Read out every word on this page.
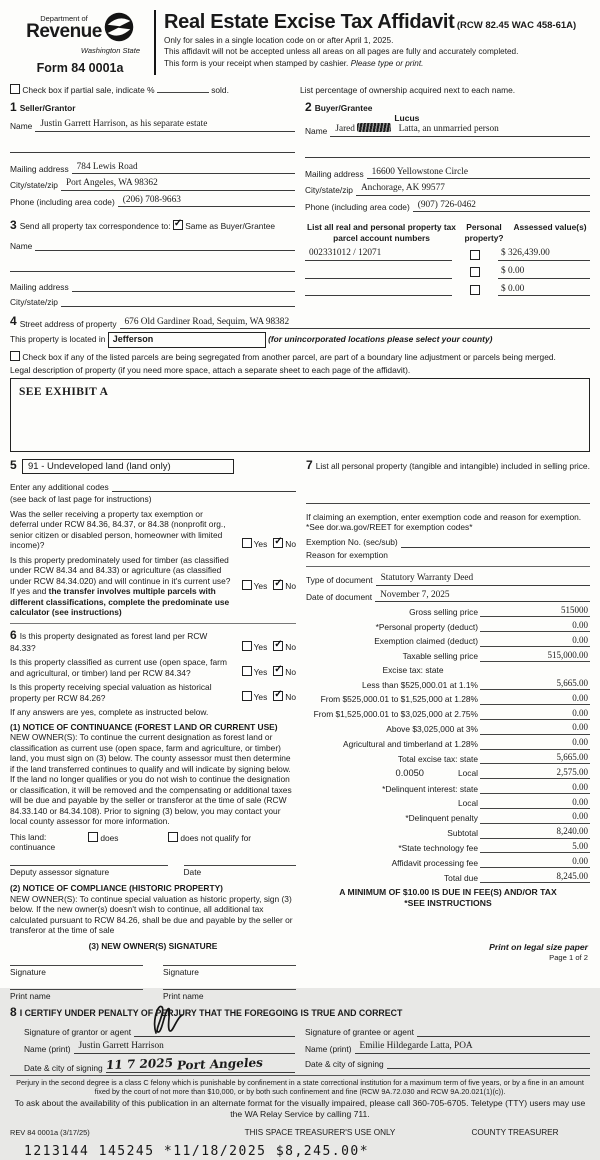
Department of
Revenue
Washington State
Form 84 0001a
Real Estate Excise Tax Affidavit (RCW 82.45 WAC 458-61A)
Only for sales in a single location code on or after April 1, 2025.
This affidavit will not be accepted unless all areas on all pages are fully and accurately completed.
This form is your receipt when stamped by cashier. Please type or print.
Check box if partial sale, indicate %	sold.	List percentage of ownership acquired next to each name.
1 Seller/Grantor
Name Justin Garrett Harrison, as his separate estate
Mailing address 784 Lewis Road
City/state/zip Port Angeles, WA 98362
Phone (including area code) (206) 708-9663
2 Buyer/Grantee
Name
Lucus
Jared	Latta, an unmarried person
Mailing address 16600 Yellowstone Circle
City/state/zip Anchorage, AK 99577
Phone (including area code) (907) 726-0462
3 Send all property tax correspondence to: ✓ Same as Buyer/Grantee
Name
Mailing address
City/state/zip
List all real and personal property tax parcel account numbers
Personal property?
Assessed value(s)
002331012 / 12071	$ 326,439.00
$ 0.00
$ 0.00
4 Street address of property 676 Old Gardiner Road, Sequim, WA 98382
This property is located in Jefferson	(for unincorporated locations please select your county)
Check box if any of the listed parcels are being segregated from another parcel, are part of a boundary line adjustment or parcels being merged.
Legal description of property (if you need more space, attach a separate sheet to each page of the affidavit).
SEE EXHIBIT A
5 91 - Undeveloped land (land only)
Enter any additional codes
(see back of last page for instructions)
Was the seller receiving a property tax exemption or deferral under RCW 84.36, 84.37, or 84.38 (nonprofit org., senior citizen or disabled person, homeowner with limited income)?	Yes ✓ No
Is this property predominately used for timber (as classified under RCW 84.34 and 84.33) or agriculture (as classified under RCW 84.34.020) and will continue in it's current use? If yes and the transfer involves multiple parcels with different classifications, complete the predominate use calculator (see instructions)
Yes ✓ No
6 Is this property designated as forest land per RCW 84.33?	Yes ✓ No
Is this property classified as current use (open space, farm and agricultural, or timber) land per RCW 84.34?	Yes ✓ No
Is this property receiving special valuation as historical property per RCW 84.26?	Yes ✓ No
If any answers are yes, complete as instructed below.
(1) NOTICE OF CONTINUANCE (FOREST LAND OR CURRENT USE)
NEW OWNER(S): To continue the current designation as forest land or classification as current use (open space, farm and agriculture, or timber) land, you must sign on (3) below. The county assessor must then determine if the land transferred continues to qualify and will indicate by signing below. If the land no longer qualifies or you do not wish to continue the designation or classification, it will be removed and the compensating or additional taxes will be due and payable by the seller or transferor at the time of sale (RCW 84.33.140 or 84.34.108). Prior to signing (3) below, you may contact your local county assessor for more information.
This land:
continuance
does	does not qualify for
Deputy assessor signature	Date
(2) NOTICE OF COMPLIANCE (HISTORIC PROPERTY)
NEW OWNER(S): To continue special valuation as historic property, sign (3) below. If the new owner(s) doesn't wish to continue, all additional tax calculated pursuant to RCW 84.26, shall be due and payable by the seller or transferor at the time of sale
(3) NEW OWNER(S) SIGNATURE
Signature	Signature
Print name	Print name
7 List all personal property (tangible and intangible) included in selling price.
If claiming an exemption, enter exemption code and reason for exemption. *See dor.wa.gov/REET for exemption codes*
Exemption No. (sec/sub)
Reason for exemption
Type of document Statutory Warranty Deed
Date of document November 7, 2025
Gross selling price	515000
*Personal property (deduct)	0.00
Exemption claimed (deduct)	0.00
Taxable selling price	515,000.00
Excise tax: state
Less than $525,000.01 at 1.1%	5,665.00
From $525,000.01 to $1,525,000 at 1.28%	0.00
From $1,525,000.01 to $3,025,000 at 2.75%	0.00
Above $3,025,000 at 3%	0.00
Agricultural and timberland at 1.28%	0.00
Total excise tax: state	5,665.00
0.0050	Local	2,575.00
*Delinquent interest: state	0.00
Local	0.00
*Delinquent penalty	0.00
Subtotal	8,240.00
*State technology fee	5.00
Affidavit processing fee	0.00
Total due	8,245.00
A MINIMUM OF $10.00 IS DUE IN FEE(S) AND/OR TAX
*SEE INSTRUCTIONS
8 I CERTIFY UNDER PENALTY OF PERJURY THAT THE FOREGOING IS TRUE AND CORRECT
Signature of grantor or agent
Name (print) Justin Garrett Harrison
Date & city of signing 11 7 2025 Port Angeles
Signature of grantee or agent
Name (print) Emilie Hildegarde Latta, POA
Date & city of signing
Perjury in the second degree is a class C felony which is punishable by confinement in a state correctional institution for a maximum term of five years, or by a fine in an amount fixed by the court of not more than $10,000, or by both such confinement and fine (RCW 9A.72.030 and RCW 9A.20.021(1)(c)).
To ask about the availability of this publication in an alternate format for the visually impaired, please call 360-705-6705. Teletype (TTY) users may use the WA Relay Service by calling 711.
REV 84 0001a (3/17/25)	THIS SPACE TREASURER'S USE ONLY	COUNTY TREASURER
1213144 145245 *11/18/2025 $8,245.00*
Print on legal size paper
Page 1 of 2
